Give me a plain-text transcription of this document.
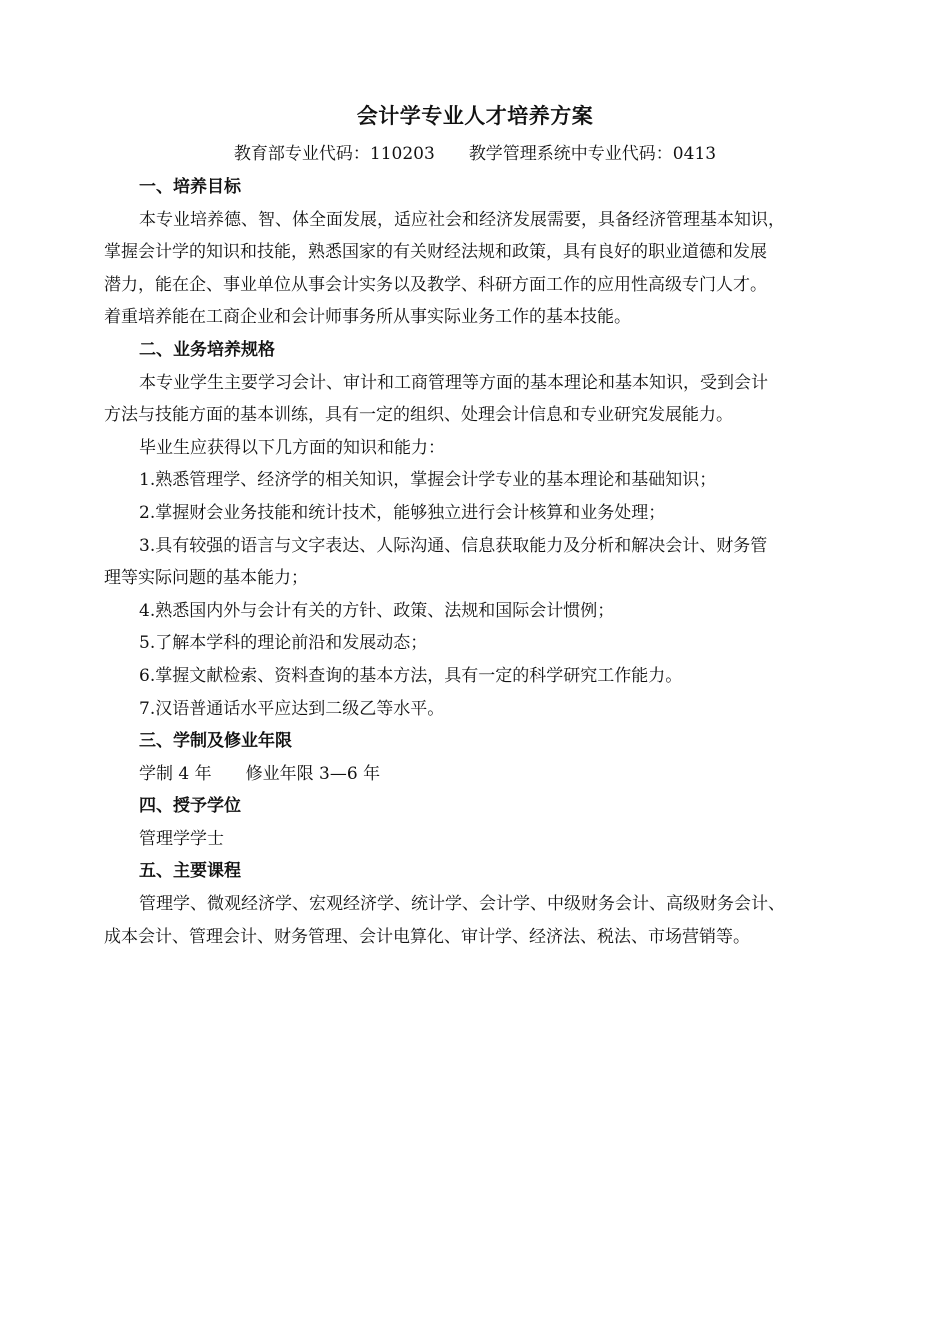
会计学专业人才培养方案
教育部专业代码：110203 教学管理系统中专业代码：0413
一、培养目标
本专业培养德、智、体全面发展，适应社会和经济发展需要，具备经济管理基本知识，
掌握会计学的知识和技能，熟悉国家的有关财经法规和政策，具有良好的职业道德和发展
潜力，能在企、事业单位从事会计实务以及教学、科研方面工作的应用性高级专门人才。
着重培养能在工商企业和会计师事务所从事实际业务工作的基本技能。
二、业务培养规格
本专业学生主要学习会计、审计和工商管理等方面的基本理论和基本知识，受到会计
方法与技能方面的基本训练，具有一定的组织、处理会计信息和专业研究发展能力。
毕业生应获得以下几方面的知识和能力：
1.熟悉管理学、经济学的相关知识，掌握会计学专业的基本理论和基础知识；
2.掌握财会业务技能和统计技术，能够独立进行会计核算和业务处理；
3.具有较强的语言与文字表达、人际沟通、信息获取能力及分析和解决会计、财务管
理等实际问题的基本能力；
4.熟悉国内外与会计有关的方针、政策、法规和国际会计惯例；
5.了解本学科的理论前沿和发展动态；
6.掌握文献检索、资料查询的基本方法，具有一定的科学研究工作能力。
7.汉语普通话水平应达到二级乙等水平。
三、学制及修业年限
学制 4 年 修业年限 3—6 年
四、授予学位
管理学学士
五、主要课程
管理学、微观经济学、宏观经济学、统计学、会计学、中级财务会计、高级财务会计、
成本会计、管理会计、财务管理、会计电算化、审计学、经济法、税法、市场营销等。
